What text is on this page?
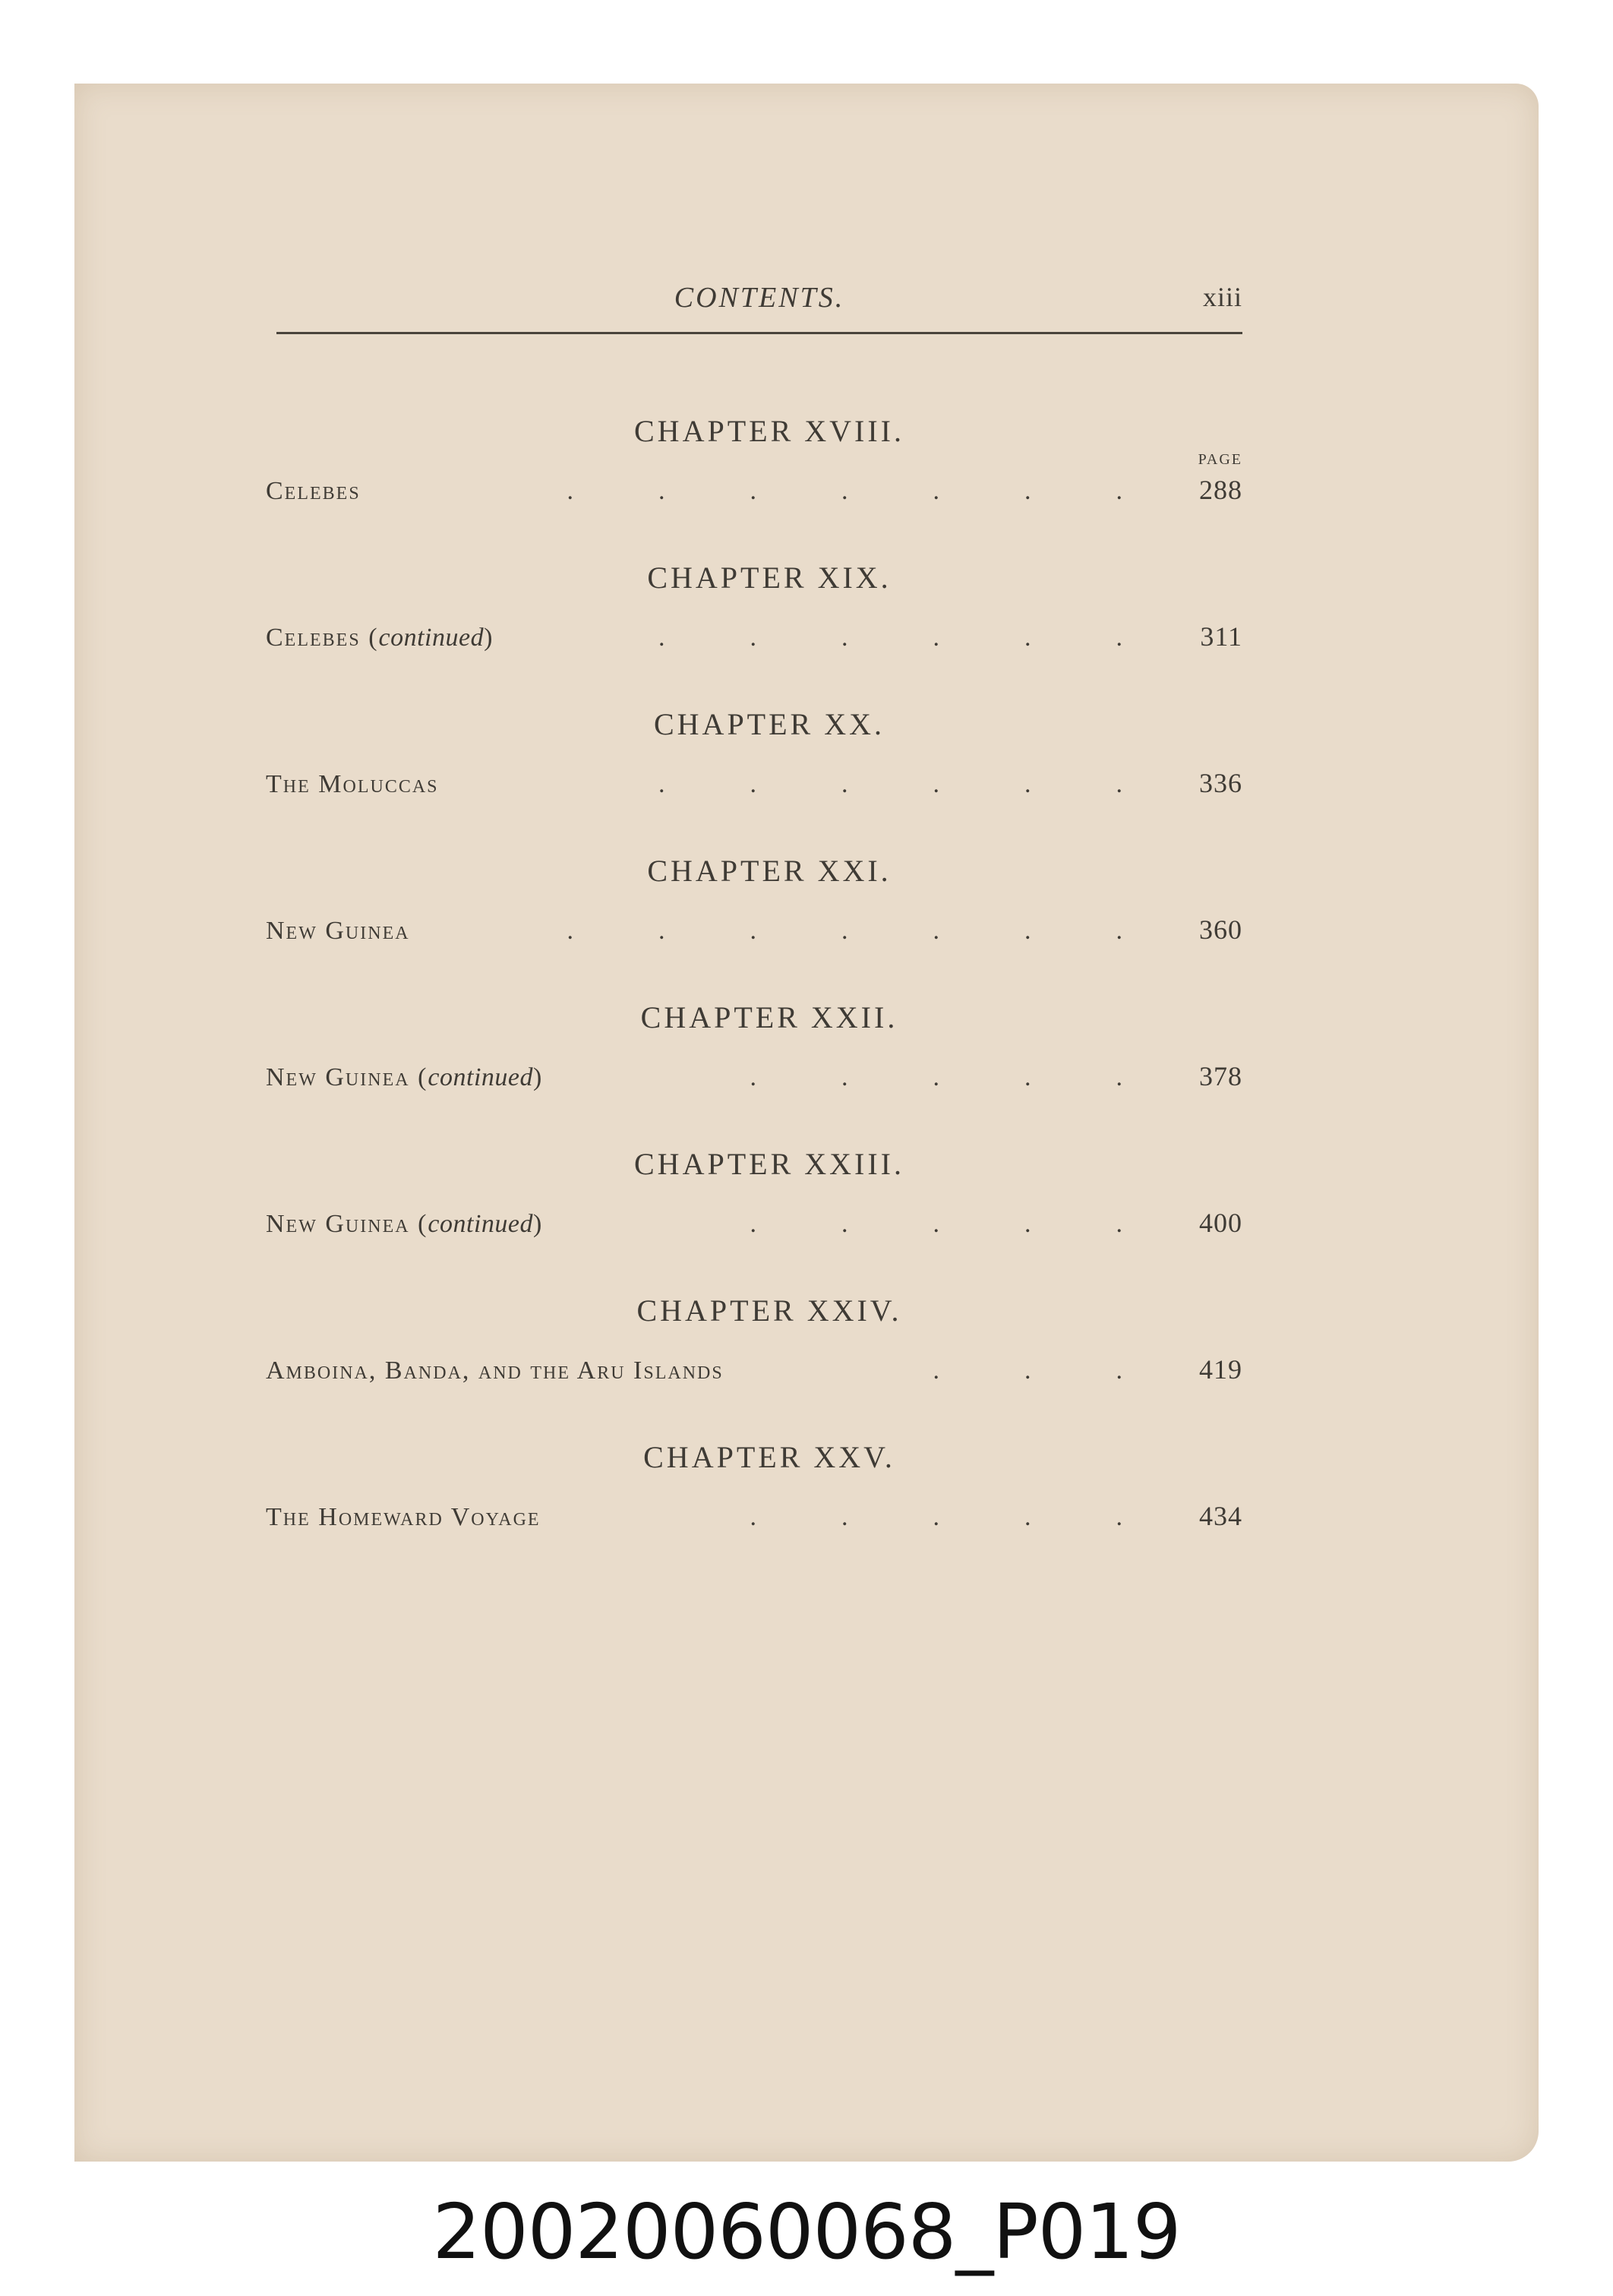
CONTENTS.	xiii
CHAPTER XVIII.
PAGE
Celebes	.	.	.	.	.	.	.	288
CHAPTER XIX.
Celebes (continued)	.	.	.	.	.	.	311
CHAPTER XX.
The Moluccas	.	.	.	.	.	.	336
CHAPTER XXI.
New Guinea	.	.	.	.	.	.	.	360
CHAPTER XXII.
New Guinea (continued)	.	.	.	.	.	378
CHAPTER XXIII.
New Guinea (continued)	.	.	.	.	.	400
CHAPTER XXIV.
Amboina, Banda, and the Aru Islands	.	.	.	419
CHAPTER XXV.
The Homeward Voyage	.	.	.	.	.	434
20020060068_P019
